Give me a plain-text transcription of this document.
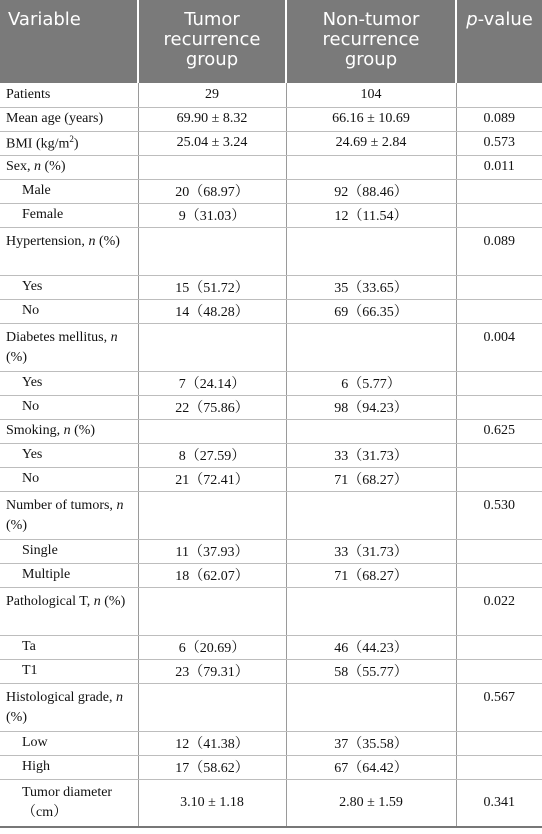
Variable	Tumor recurrence group	Non-tumor recurrence group	p-value
Patients	29	104	
Mean age (years)	69.90 ± 8.32	66.16 ± 10.69	0.089
BMI $(kg/m^2)$	25.04 ± 3.24	24.69 ± 2.84	0.573
Sex, n (%)			0.011
Male	20（68.97）	92（88.46）	
Female	9（31.03）	12（11.54）	
Hypertension, n (%)			0.089
Yes	15（51.72）	35（33.65）	
No	14（48.28）	69（66.35）	
Diabetes mellitus, n (%)			0.004
Yes	7（24.14）	6（5.77）	
No	22（75.86）	98（94.23）	
Smoking, n (%)			0.625
Yes	8（27.59）	33（31.73）	
No	21（72.41）	71（68.27）	
Number of tumors, n (%)			0.530
Single	11（37.93）	33（31.73）	
Multiple	18（62.07）	71（68.27）	
Pathological T, n (%)			0.022
Ta	6（20.69）	46（44.23）	
T1	23（79.31）	58（55.77）	
Histological grade, n (%)			0.567
Low	12（41.38）	37（35.58）	
High	17（58.62）	67（64.42）	
Tumor diameter（cm）	3.10 ± 1.18	2.80 ± 1.59	0.341
